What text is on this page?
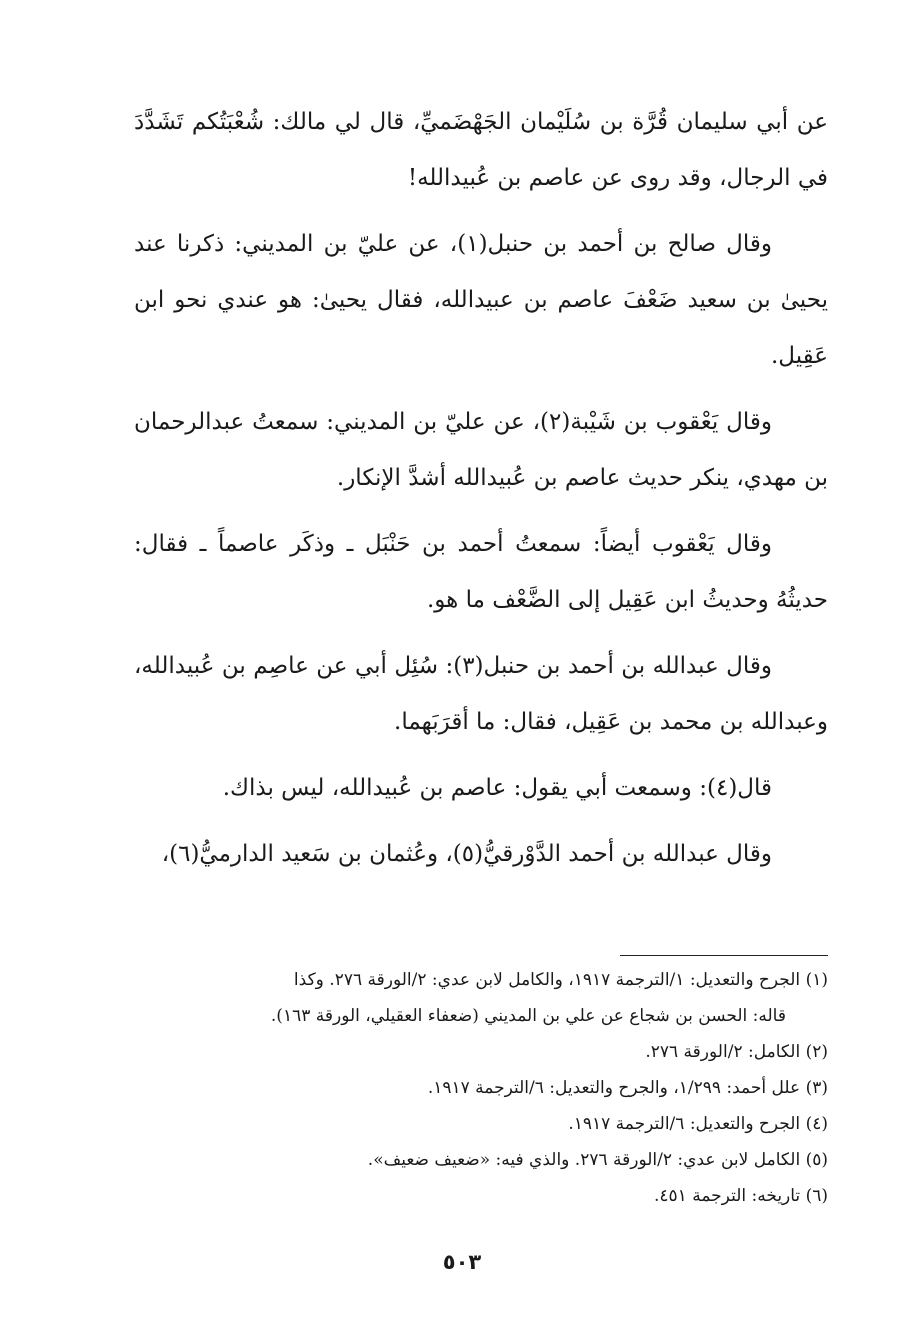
عن أبي سليمان قُرَّة بن سُلَيْمان الجَهْضَميِّ، قال لي مالك: شُعْبَتُكم تَشَدَّدَ في الرجال، وقد روى عن عاصم بن عُبيدالله!

وقال صالح بن أحمد بن حنبل(١)، عن عليّ بن المديني: ذكرنا عند يحيىٰ بن سعيد ضَعْفَ عاصم بن عبيدالله، فقال يحيىٰ: هو عندي نحو ابن عَقِيل.

وقال يَعْقوب بن شَيْبة(٢)، عن عليّ بن المديني: سمعتُ عبدالرحمان بن مهدي، ينكر حديث عاصم بن عُبيدالله أشدَّ الإنكار.

وقال يَعْقوب أيضاً: سمعتُ أحمد بن حَنْبَل ـ وذكَر عاصماً ـ فقال: حديثُهُ وحديثُ ابن عَقِيل إلى الضَّعْف ما هو.

وقال عبدالله بن أحمد بن حنبل(٣): سُئِل أبي عن عاصِم بن عُبيدالله، وعبدالله بن محمد بن عَقِيل، فقال: ما أقرَبَهما.

قال(٤): وسمعت أبي يقول: عاصم بن عُبيدالله، ليس بذاك.

وقال عبدالله بن أحمد الدَّوْرقيُّ(٥)، وعُثمان بن سَعيد الدارميُّ(٦)،

(١) الجرح والتعديل: ١/الترجمة ١٩١٧، والكامل لابن عدي: ٢/الورقة ٢٧٦. وكذا
قاله: الحسن بن شجاع عن علي بن المديني (ضعفاء العقيلي، الورقة ١٦٣).

(٢) الكامل: ٢/الورقة ٢٧٦.

(٣) علل أحمد: ١/٢٩٩، والجرح والتعديل: ٦/الترجمة ١٩١٧.

(٤) الجرح والتعديل: ٦/الترجمة ١٩١٧.

(٥) الكامل لابن عدي: ٢/الورقة ٢٧٦. والذي فيه: «ضعيف ضعيف».

(٦) تاريخه: الترجمة ٤٥١.

٥٠٣
